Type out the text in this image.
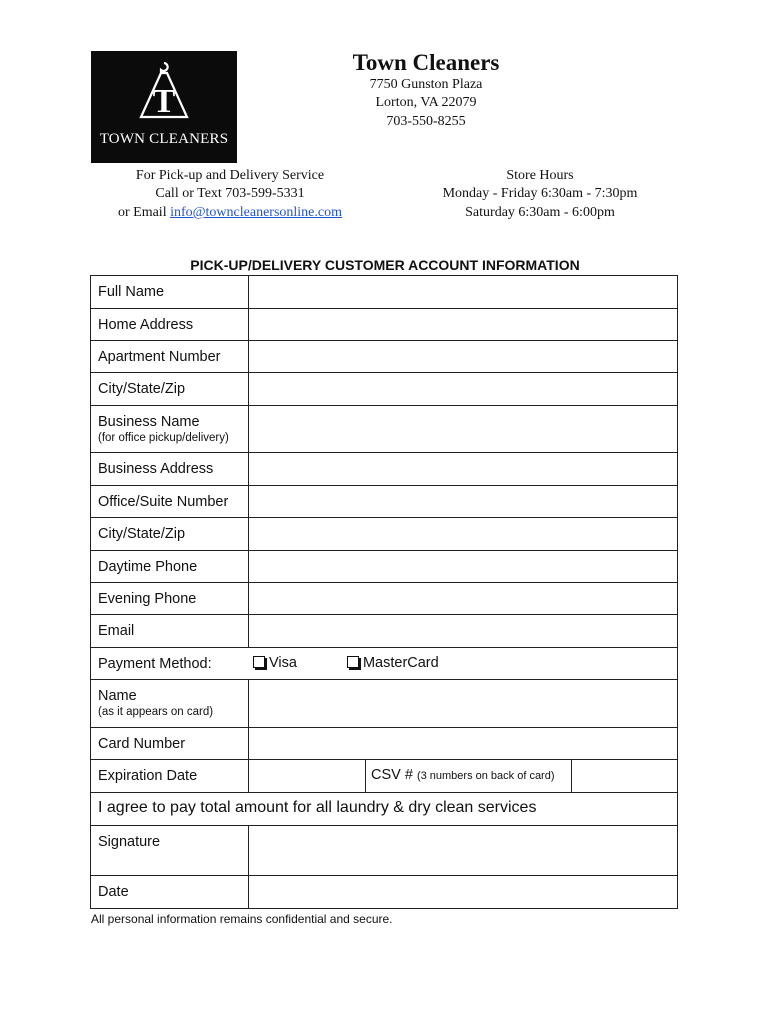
T
TOWN CLEANERS
Town Cleaners
7750 Gunston Plaza
Lorton, VA 22079
703-550-8255
For Pick-up and Delivery Service
Call or Text 703-599-5331
or Email info@towncleanersonline.com
Store Hours
Monday - Friday 6:30am - 7:30pm
Saturday 6:30am - 6:00pm
PICK-UP/DELIVERY CUSTOMER ACCOUNT INFORMATION
Full Name
Home Address
Apartment Number
City/State/Zip
Business Name
(for office pickup/delivery)
Business Address
Office/Suite Number
City/State/Zip
Daytime Phone
Evening Phone
Email
Payment Method:	Visa	MasterCard
Name
(as it appears on card)
Card Number
Expiration Date	CSV # (3 numbers on back of card)
I agree to pay total amount for all laundry & dry clean services
Signature
Date
All personal information remains confidential and secure.
